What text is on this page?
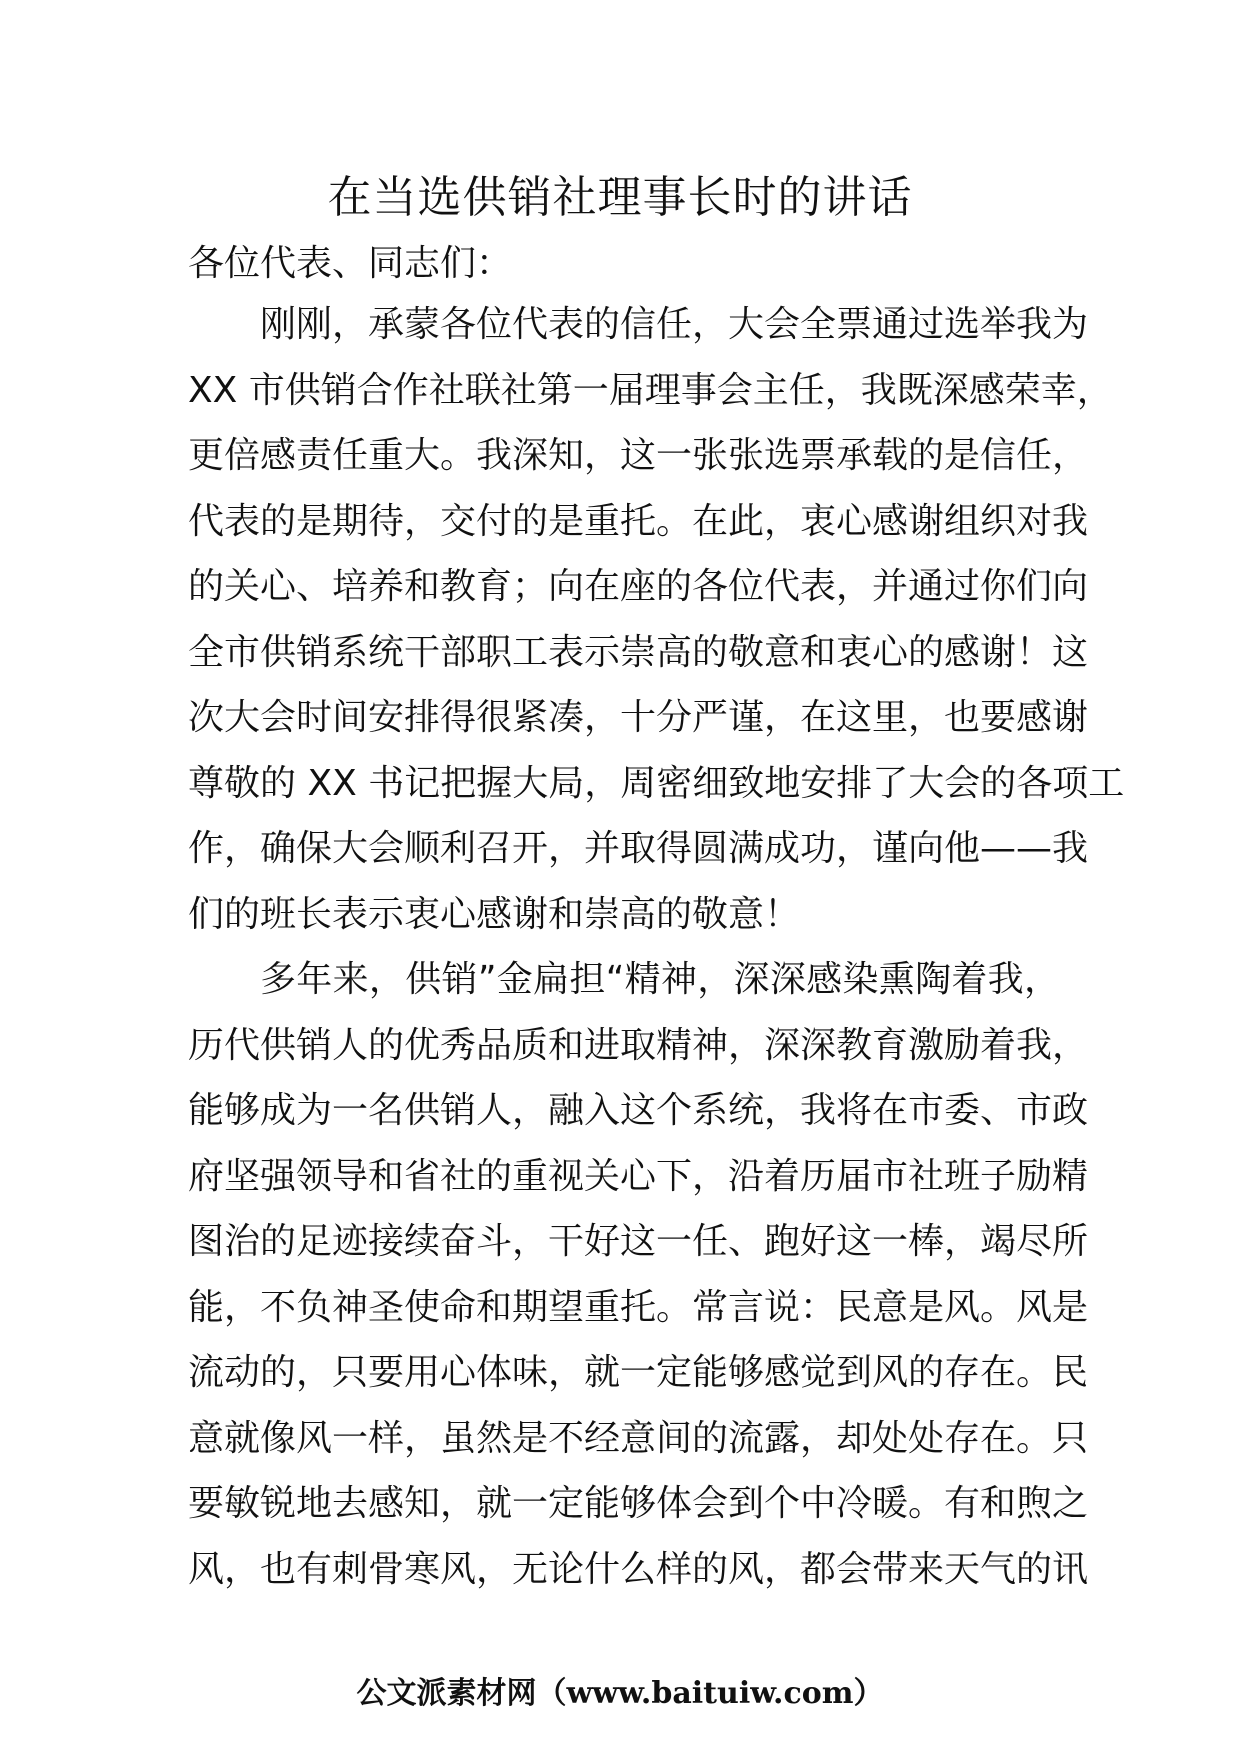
在当选供销社理事长时的讲话
各位代表、同志们：
刚刚，承蒙各位代表的信任，大会全票通过选举我为
XX 市供销合作社联社第一届理事会主任，我既深感荣幸，
更倍感责任重大。我深知，这一张张选票承载的是信任，
代表的是期待，交付的是重托。在此，衷心感谢组织对我
的关心、培养和教育；向在座的各位代表，并通过你们向
全市供销系统干部职工表示崇高的敬意和衷心的感谢！这
次大会时间安排得很紧凑，十分严谨，在这里，也要感谢
尊敬的 XX 书记把握大局，周密细致地安排了大会的各项工
作，确保大会顺利召开，并取得圆满成功，谨向他——我
们的班长表示衷心感谢和崇高的敬意！
多年来，供销”金扁担“精神，深深感染熏陶着我，
历代供销人的优秀品质和进取精神，深深教育激励着我，
能够成为一名供销人，融入这个系统，我将在市委、市政
府坚强领导和省社的重视关心下，沿着历届市社班子励精
图治的足迹接续奋斗，干好这一任、跑好这一棒，竭尽所
能，不负神圣使命和期望重托。常言说：民意是风。风是
流动的，只要用心体味，就一定能够感觉到风的存在。民
意就像风一样，虽然是不经意间的流露，却处处存在。只
要敏锐地去感知，就一定能够体会到个中冷暖。有和煦之
风，也有刺骨寒风，无论什么样的风，都会带来天气的讯
公文派素材网（www.baituiw.com）
